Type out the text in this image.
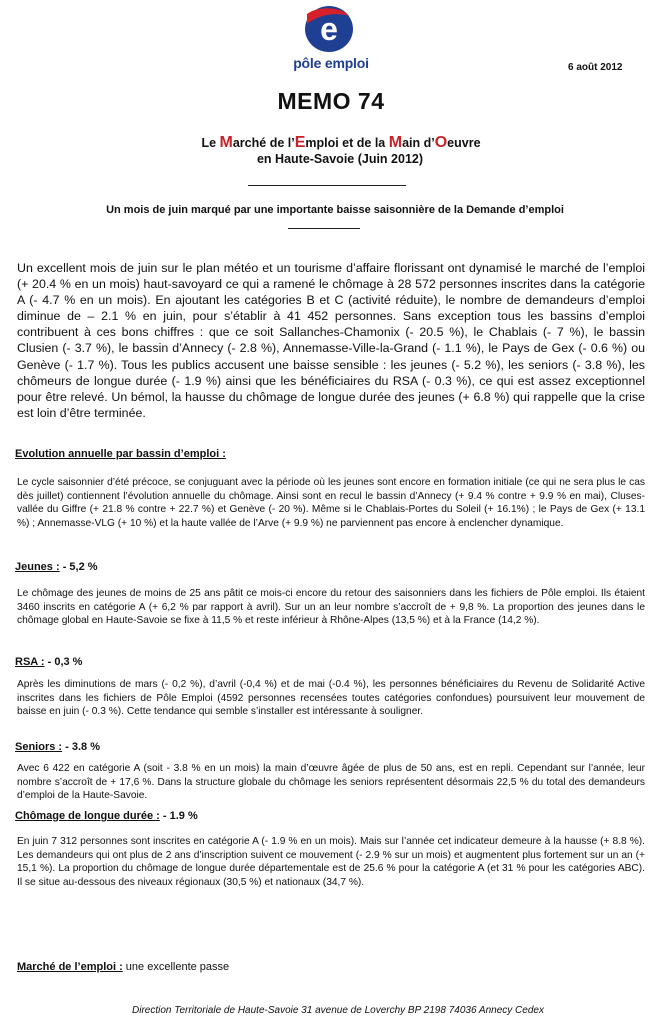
e
pôle emploi	6 août 2012
MEMO 74
Le Marché de l’Emploi et de la Main d’Oeuvre
en Haute-Savoie (Juin 2012)
Un mois de juin marqué par une importante baisse saisonnière de la Demande d’emploi
Un excellent mois de juin sur le plan météo et un tourisme d’affaire florissant ont dynamisé le marché de l’emploi (+ 20.4 % en un mois) haut-savoyard ce qui a ramené le chômage à 28 572 personnes inscrites dans la catégorie A (- 4.7 % en un mois). En ajoutant les catégories B et C (activité réduite), le nombre de demandeurs d’emploi diminue de – 2.1 % en juin, pour s’établir à 41 452 personnes. Sans exception tous les bassins d’emploi contribuent à ces bons chiffres : que ce soit Sallanches-Chamonix (- 20.5 %), le Chablais (- 7 %), le bassin Clusien (- 3.7 %), le bassin d’Annecy (- 2.8 %), Annemasse-Ville-la-Grand (- 1.1 %), le Pays de Gex (- 0.6 %) ou Genève (- 1.7 %). Tous les publics accusent une baisse sensible : les jeunes (- 5.2 %), les seniors (- 3.8 %), les chômeurs de longue durée (- 1.9 %) ainsi que les bénéficiaires du RSA (- 0.3 %), ce qui est assez exceptionnel pour être relevé. Un bémol, la hausse du chômage de longue durée des jeunes (+ 6.8 %) qui rappelle que la crise est loin d’être terminée.
Evolution annuelle par bassin d’emploi :
Le cycle saisonnier d’été précoce, se conjuguant avec la période où les jeunes sont encore en formation initiale (ce qui ne sera plus le cas dès juillet) contiennent l’évolution annuelle du chômage. Ainsi sont en recul le bassin d’Annecy (+ 9.4 % contre + 9.9 % en mai), Cluses-vallée du Giffre (+ 21.8 % contre + 22.7 %) et Genève (- 20 %). Même si le Chablais-Portes du Soleil (+ 16.1%) ; le Pays de Gex (+ 13.1 %) ; Annemasse-VLG (+ 10 %) et la haute vallée de l’Arve (+ 9.9 %) ne parviennent pas encore à enclencher dynamique.
Jeunes : - 5,2 %
Le chômage des jeunes de moins de 25 ans pâtit ce mois-ci encore du retour des saisonniers dans les fichiers de Pôle emploi. Ils étaient 3460 inscrits en catégorie A (+ 6,2 % par rapport à avril). Sur un an leur nombre s’accroît de + 9,8 %. La proportion des jeunes dans le chômage global en Haute-Savoie se fixe à 11,5 % et reste inférieur à Rhône-Alpes (13,5 %) et à la France (14,2 %).
RSA : - 0,3 %
Après les diminutions de mars (- 0,2 %), d’avril (-0,4 %) et de mai (-0.4 %), les personnes bénéficiaires du Revenu de Solidarité Active inscrites dans les fichiers de Pôle Emploi (4592 personnes recensées toutes catégories confondues) poursuivent leur mouvement de baisse en juin (- 0.3 %). Cette tendance qui semble s’installer est intéressante à souligner.
Seniors : - 3.8 %
Avec 6 422 en catégorie A (soit - 3.8 % en un mois) la main d’œuvre âgée de plus de 50 ans, est en repli. Cependant sur l’année, leur nombre s’accroît de + 17,6 %. Dans la structure globale du chômage les seniors représentent désormais 22,5 % du total des demandeurs d’emploi de la Haute-Savoie.
Chômage de longue durée : - 1.9 %
En juin 7 312 personnes sont inscrites en catégorie A (- 1.9 % en un mois). Mais sur l’année cet indicateur demeure à la hausse (+ 8.8 %). Les demandeurs qui ont plus de 2 ans d’inscription suivent ce mouvement (- 2.9 % sur un mois) et augmentent plus fortement sur un an (+ 15,1 %). La proportion du chômage de longue durée départementale est de 25.6 % pour la catégorie A (et 31 % pour les catégories ABC). Il se situe au-dessous des niveaux régionaux (30,5 %) et nationaux (34,7 %).
Marché de l’emploi : une excellente passe
Direction Territoriale de Haute-Savoie 31 avenue de Loverchy BP 2198 74036 Annecy Cedex
